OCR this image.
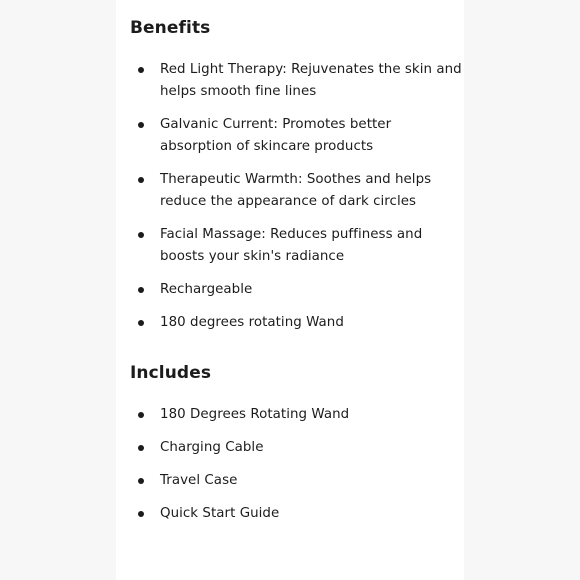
Benefits
Red Light Therapy: Rejuvenates the skin and helps smooth fine lines
Galvanic Current: Promotes better absorption of skincare products
Therapeutic Warmth: Soothes and helps reduce the appearance of dark circles
Facial Massage: Reduces puffiness and boosts your skin's radiance
Rechargeable
180 degrees rotating Wand
Includes
180 Degrees Rotating Wand
Charging Cable
Travel Case
Quick Start Guide
